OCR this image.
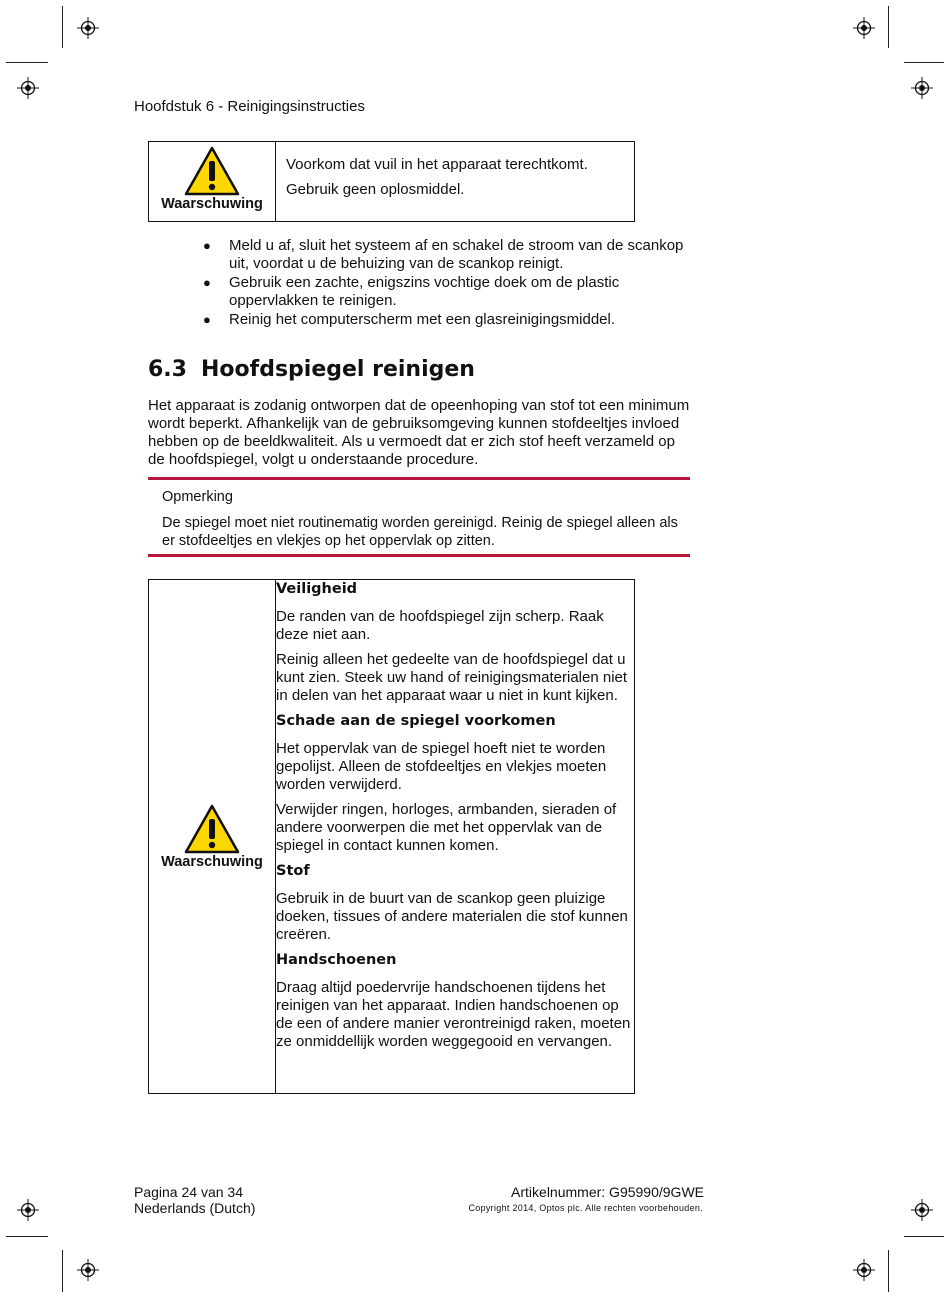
Hoofdstuk 6 - Reinigingsinstructies
Waarschuwing

Voorkom dat vuil in het apparaat terechtkomt.
Gebruik geen oplosmiddel.
●	Meld u af, sluit het systeem af en schakel de stroom van de scankop uit, voordat u de behuizing van de scankop reinigt.
●	Gebruik een zachte, enigszins vochtige doek om de plastic oppervlakken te reinigen.
●	Reinig het computerscherm met een glasreinigingsmiddel.
6.3 Hoofdspiegel reinigen
Het apparaat is zodanig ontworpen dat de opeenhoping van stof tot een minimum wordt beperkt. Afhankelijk van de gebruiksomgeving kunnen stofdeeltjes invloed hebben op de beeldkwaliteit. Als u vermoedt dat er zich stof heeft verzameld op de hoofdspiegel, volgt u onderstaande procedure.
Opmerking
De spiegel moet niet routinematig worden gereinigd. Reinig de spiegel alleen als er stofdeeltjes en vlekjes op het oppervlak op zitten.
Waarschuwing

Veiligheid

De randen van de hoofdspiegel zijn scherp. Raak deze niet aan.

Reinig alleen het gedeelte van de hoofdspiegel dat u kunt zien. Steek uw hand of reinigingsmaterialen niet in delen van het apparaat waar u niet in kunt kijken.

Schade aan de spiegel voorkomen

Het oppervlak van de spiegel hoeft niet te worden gepolijst. Alleen de stofdeeltjes en vlekjes moeten worden verwijderd.

Verwijder ringen, horloges, armbanden, sieraden of andere voorwerpen die met het oppervlak van de spiegel in contact kunnen komen.

Stof

Gebruik in de buurt van de scankop geen pluizige doeken, tissues of andere materialen die stof kunnen creëren.

Handschoenen

Draag altijd poedervrije handschoenen tijdens het reinigen van het apparaat. Indien handschoenen op de een of andere manier verontreinigd raken, moeten ze onmiddellijk worden weggegooid en vervangen.

Pagina 24 van 34
Nederlands (Dutch)
Artikelnummer: G95990/9GWE
Copyright 2014, Optos plc. Alle rechten voorbehouden.
